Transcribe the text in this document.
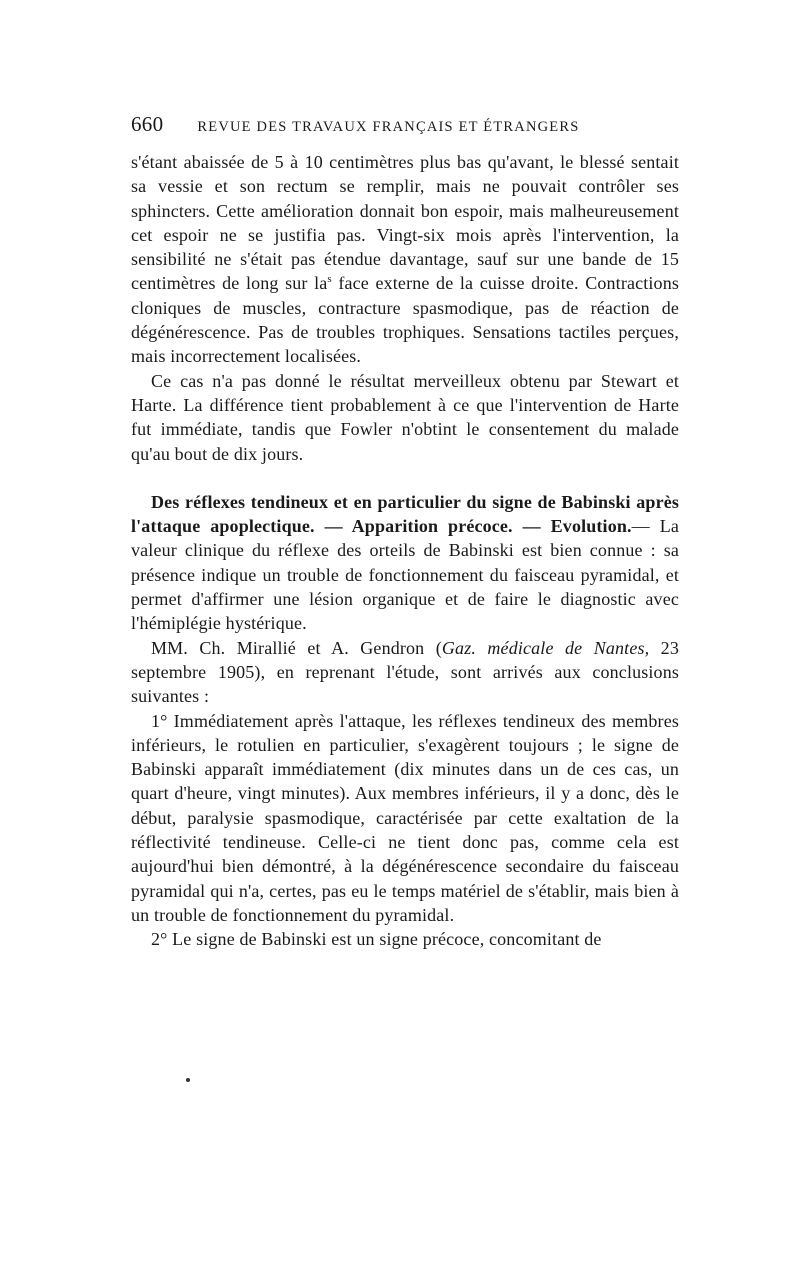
660 REVUE DES TRAVAUX FRANÇAIS ET ÉTRANGERS

s'étant abaissée de 5 à 10 centimètres plus bas qu'avant, le blessé sentait sa vessie et son rectum se remplir, mais ne pouvait contrôler ses sphincters. Cette amélioration donnait bon espoir, mais malheureusement cet espoir ne se justifia pas. Vingt-six mois après l'intervention, la sensibilité ne s'était pas étendue davantage, sauf sur une bande de 15 centimètres de long sur $la^s$ face externe de la cuisse droite. Contractions cloniques de muscles, contracture spasmodique, pas de réaction de dégénérescence. Pas de troubles trophiques. Sensations tactiles perçues, mais incorrectement localisées.

Ce cas n'a pas donné le résultat merveilleux obtenu par Stewart et Harte. La différence tient probablement à ce que l'intervention de Harte fut immédiate, tandis que Fowler n'obtint le consentement du malade qu'au bout de dix jours.

Des réflexes tendineux et en particulier du signe de Babinski après l'attaque apoplectique. — Apparition précoce. — Evolution.— La valeur clinique du réflexe des orteils de Babinski est bien connue : sa présence indique un trouble de fonctionnement du faisceau pyramidal, et permet d'affirmer une lésion organique et de faire le diagnostic avec l'hémiplégie hystérique.

MM. Ch. Mirallié et A. Gendron (Gaz. médicale de Nantes, 23 septembre 1905), en reprenant l'étude, sont arrivés aux conclusions suivantes :

1° Immédiatement après l'attaque, les réflexes tendineux des membres inférieurs, le rotulien en particulier, s'exagèrent toujours ; le signe de Babinski apparaît immédiatement (dix minutes dans un de ces cas, un quart d'heure, vingt minutes). Aux membres inférieurs, il y a donc, dès le début, paralysie spasmodique, caractérisée par cette exaltation de la réflectivité tendineuse. Celle-ci ne tient donc pas, comme cela est aujourd'hui bien démontré, à la dégénérescence secondaire du faisceau pyramidal qui n'a, certes, pas eu le temps matériel de s'établir, mais bien à un trouble de fonctionnement du pyramidal.

2° Le signe de Babinski est un signe précoce, concomitant de
